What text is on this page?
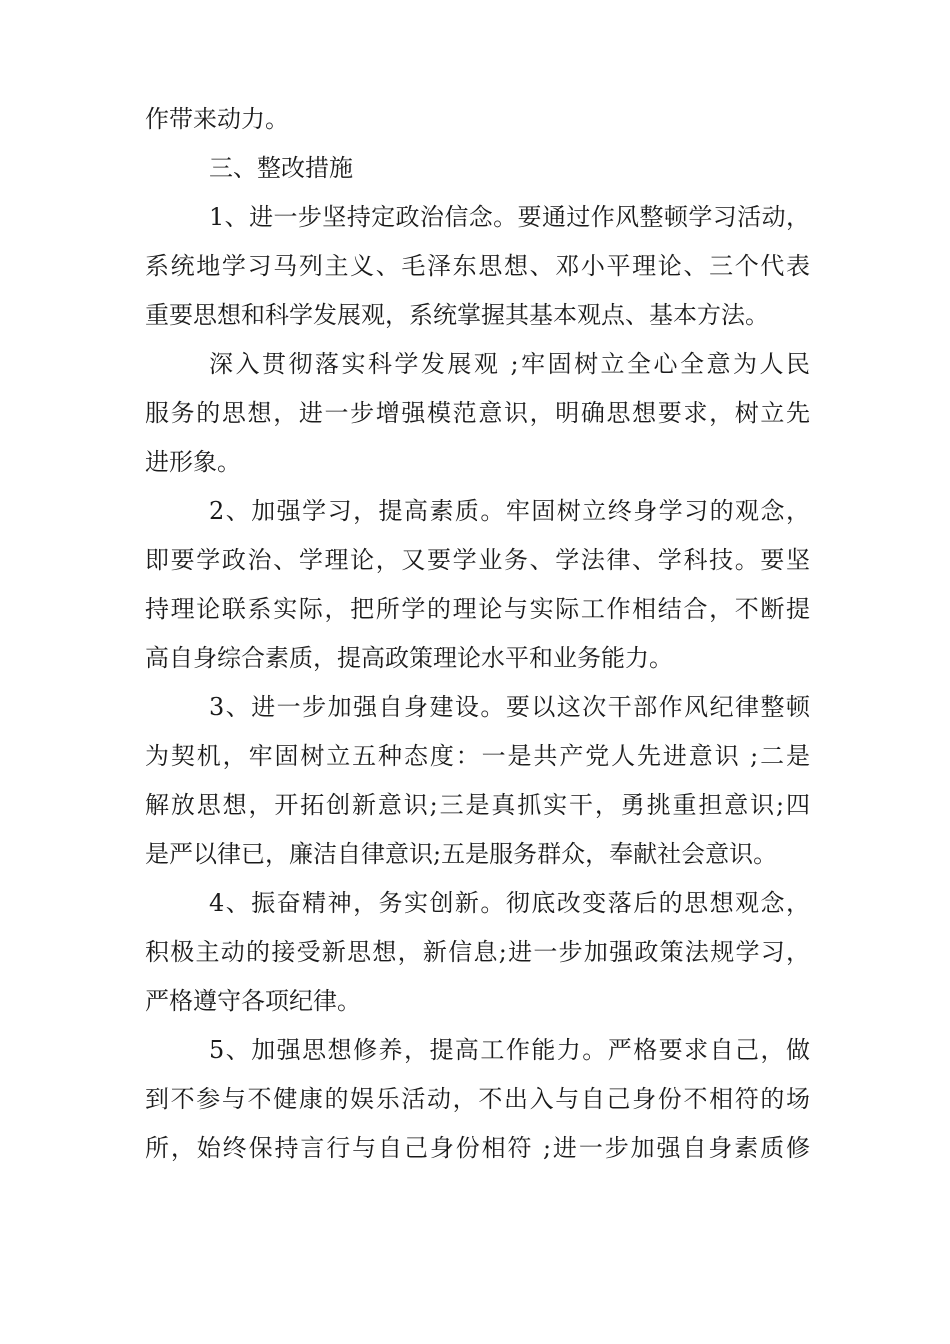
作带来动力。
三、整改措施
1、进一步坚持定政治信念。要通过作风整顿学习活动，
系统地学习马列主义、毛泽东思想、邓小平理论、三个代表
重要思想和科学发展观，系统掌握其基本观点、基本方法。
深入贯彻落实科学发展观 ;牢固树立全心全意为人民
服务的思想，进一步增强模范意识，明确思想要求，树立先
进形象。
2、加强学习，提高素质。牢固树立终身学习的观念，
即要学政治、学理论，又要学业务、学法律、学科技。要坚
持理论联系实际，把所学的理论与实际工作相结合，不断提
高自身综合素质，提高政策理论水平和业务能力。
3、进一步加强自身建设。要以这次干部作风纪律整顿
为契机，牢固树立五种态度：一是共产党人先进意识 ;二是
解放思想，开拓创新意识;三是真抓实干，勇挑重担意识;四
是严以律已，廉洁自律意识;五是服务群众，奉献社会意识。
4、振奋精神，务实创新。彻底改变落后的思想观念，
积极主动的接受新思想，新信息;进一步加强政策法规学习，
严格遵守各项纪律。
5、加强思想修养，提高工作能力。严格要求自己，做
到不参与不健康的娱乐活动，不出入与自己身份不相符的场
所，始终保持言行与自己身份相符 ;进一步加强自身素质修
